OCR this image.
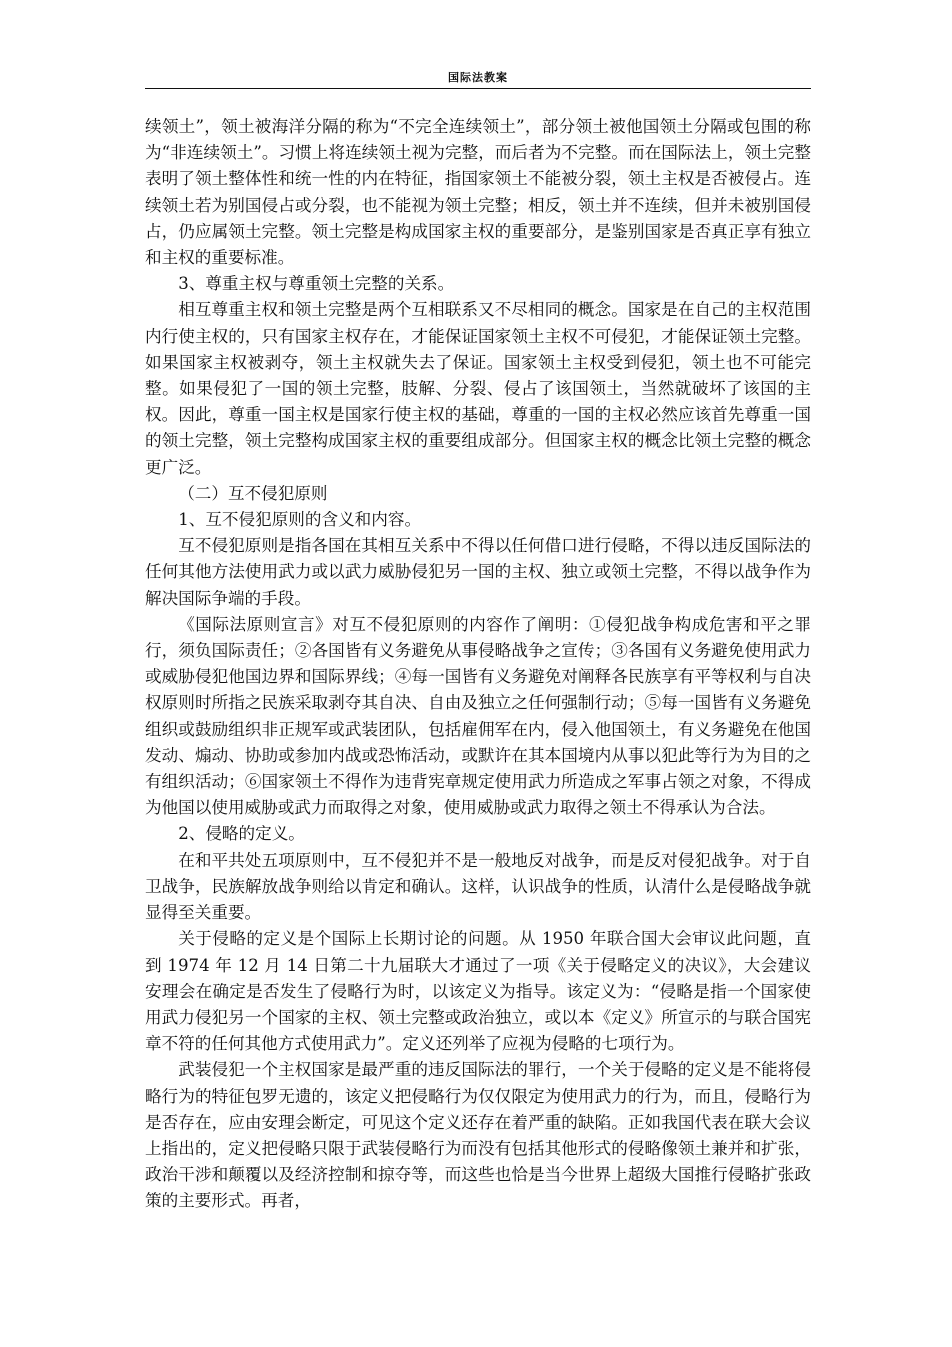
国际法教案

续领土”，领土被海洋分隔的称为“不完全连续领土”，部分领土被他国领土分隔或包围的称为“非连续领土”。习惯上将连续领土视为完整，而后者为不完整。而在国际法上，领土完整表明了领土整体性和统一性的内在特征，指国家领土不能被分裂，领土主权是否被侵占。连续领土若为别国侵占或分裂，也不能视为领土完整；相反，领土并不连续，但并未被别国侵占，仍应属领土完整。领土完整是构成国家主权的重要部分，是鉴别国家是否真正享有独立和主权的重要标准。

3、尊重主权与尊重领土完整的关系。

相互尊重主权和领土完整是两个互相联系又不尽相同的概念。国家是在自己的主权范围内行使主权的，只有国家主权存在，才能保证国家领土主权不可侵犯，才能保证领土完整。如果国家主权被剥夺，领土主权就失去了保证。国家领土主权受到侵犯，领土也不可能完整。如果侵犯了一国的领土完整，肢解、分裂、侵占了该国领土，当然就破坏了该国的主权。因此，尊重一国主权是国家行使主权的基础，尊重的一国的主权必然应该首先尊重一国的领土完整，领土完整构成国家主权的重要组成部分。但国家主权的概念比领土完整的概念更广泛。

（二）互不侵犯原则

1、互不侵犯原则的含义和内容。

互不侵犯原则是指各国在其相互关系中不得以任何借口进行侵略，不得以违反国际法的任何其他方法使用武力或以武力威胁侵犯另一国的主权、独立或领土完整，不得以战争作为解决国际争端的手段。

《国际法原则宣言》对互不侵犯原则的内容作了阐明：①侵犯战争构成危害和平之罪行，须负国际责任；②各国皆有义务避免从事侵略战争之宣传；③各国有义务避免使用武力或威胁侵犯他国边界和国际界线；④每一国皆有义务避免对阐释各民族享有平等权利与自决权原则时所指之民族采取剥夺其自决、自由及独立之任何强制行动；⑤每一国皆有义务避免组织或鼓励组织非正规军或武装团队，包括雇佣军在内，侵入他国领土，有义务避免在他国发动、煽动、协助或参加内战或恐怖活动，或默许在其本国境内从事以犯此等行为为目的之有组织活动；⑥国家领土不得作为违背宪章规定使用武力所造成之军事占领之对象，不得成为他国以使用威胁或武力而取得之对象，使用威胁或武力取得之领土不得承认为合法。

2、侵略的定义。

在和平共处五项原则中，互不侵犯并不是一般地反对战争，而是反对侵犯战争。对于自卫战争，民族解放战争则给以肯定和确认。这样，认识战争的性质，认清什么是侵略战争就显得至关重要。

关于侵略的定义是个国际上长期讨论的问题。从 1950 年联合国大会审议此问题，直到 1974 年 12 月 14 日第二十九届联大才通过了一项《关于侵略定义的决议》，大会建议安理会在确定是否发生了侵略行为时，以该定义为指导。该定义为：“侵略是指一个国家使用武力侵犯另一个国家的主权、领土完整或政治独立，或以本《定义》所宣示的与联合国宪章不符的任何其他方式使用武力”。定义还列举了应视为侵略的七项行为。

武装侵犯一个主权国家是最严重的违反国际法的罪行，一个关于侵略的定义是不能将侵略行为的特征包罗无遗的，该定义把侵略行为仅仅限定为使用武力的行为，而且，侵略行为是否存在，应由安理会断定，可见这个定义还存在着严重的缺陷。正如我国代表在联大会议上指出的，定义把侵略只限于武装侵略行为而没有包括其他形式的侵略像领土兼并和扩张，政治干涉和颠覆以及经济控制和掠夺等，而这些也恰是当今世界上超级大国推行侵略扩张政策的主要形式。再者，
